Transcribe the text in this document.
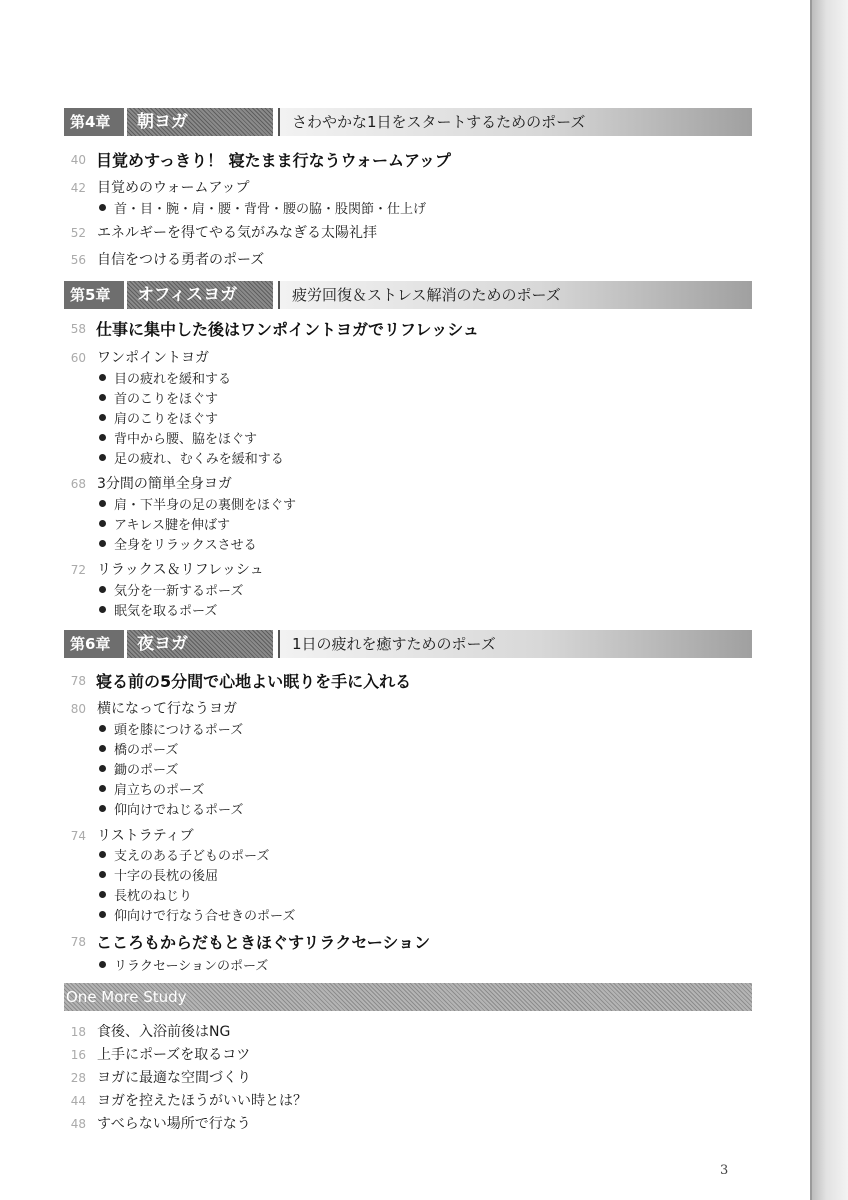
第4章	朝ヨガ	さわやかな1日をスタートするためのポーズ
40 目覚めすっきり！ 寝たまま行なうウォームアップ
42 目覚めのウォームアップ
首・目・腕・肩・腰・背骨・腰の脇・股関節・仕上げ
52 エネルギーを得てやる気がみなぎる太陽礼拝
56 自信をつける勇者のポーズ
第5章	オフィスヨガ	疲労回復＆ストレス解消のためのポーズ
58 仕事に集中した後はワンポイントヨガでリフレッシュ
60 ワンポイントヨガ
目の疲れを緩和する
首のこりをほぐす
肩のこりをほぐす
背中から腰、脇をほぐす
足の疲れ、むくみを緩和する
68 3分間の簡単全身ヨガ
肩・下半身の足の裏側をほぐす
アキレス腱を伸ばす
全身をリラックスさせる
72 リラックス＆リフレッシュ
気分を一新するポーズ
眠気を取るポーズ
第6章	夜ヨガ	1日の疲れを癒すためのポーズ
78 寝る前の5分間で心地よい眠りを手に入れる
80 横になって行なうヨガ
頭を膝につけるポーズ
橋のポーズ
鋤のポーズ
肩立ちのポーズ
仰向けでねじるポーズ
74 リストラティブ
支えのある子どものポーズ
十字の長枕の後屈
長枕のねじり
仰向けで行なう合せきのポーズ
78 こころもからだもときほぐすリラクセーション
リラクセーションのポーズ
One More Study
18 食後、入浴前後はNG
16 上手にポーズを取るコツ
28 ヨガに最適な空間づくり
44 ヨガを控えたほうがいい時とは？
48 すべらない場所で行なう
3
